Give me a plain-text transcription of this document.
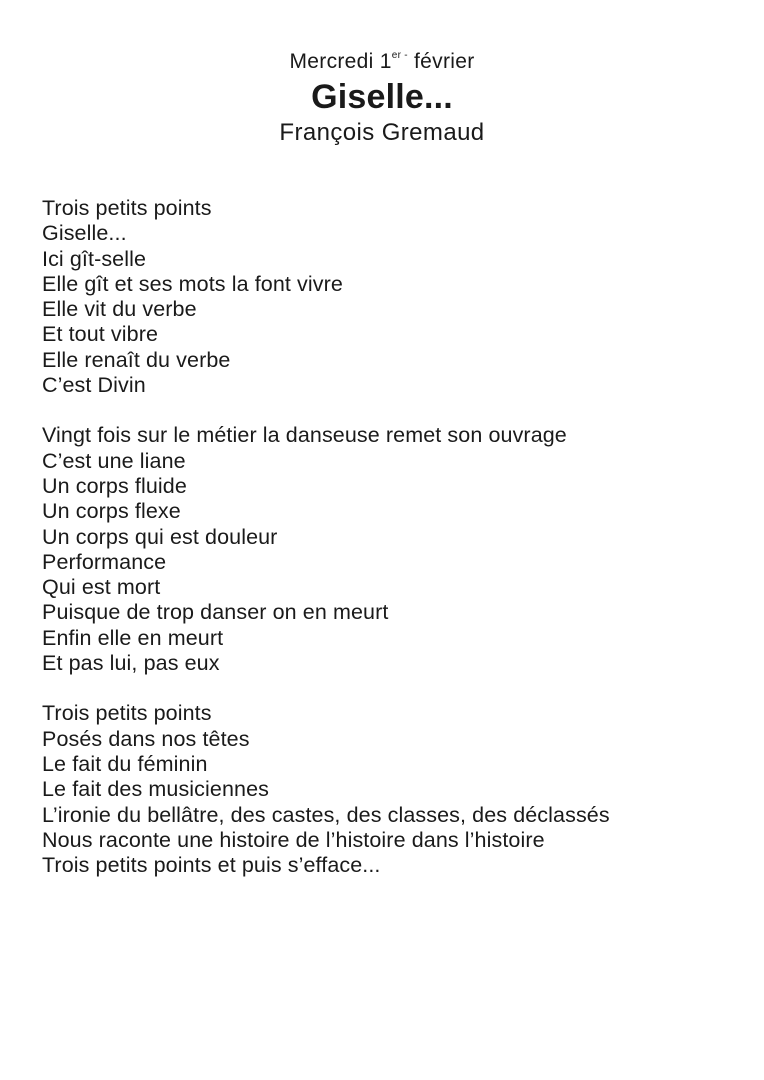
Mercredi $1^{er -}$ février
Giselle...
François Gremaud
Trois petits points
Giselle...
Ici gît-selle
Elle gît et ses mots la font vivre
Elle vit du verbe
Et tout vibre
Elle renaît du verbe
C’est Divin
Vingt fois sur le métier la danseuse remet son ouvrage
C’est une liane
Un corps fluide
Un corps flexe
Un corps qui est douleur
Performance
Qui est mort
Puisque de trop danser on en meurt
Enfin elle en meurt
Et pas lui, pas eux
Trois petits points
Posés dans nos têtes
Le fait du féminin
Le fait des musiciennes
L’ironie du bellâtre, des castes, des classes, des déclassés
Nous raconte une histoire de l’histoire dans l’histoire
Trois petits points et puis s’efface...
